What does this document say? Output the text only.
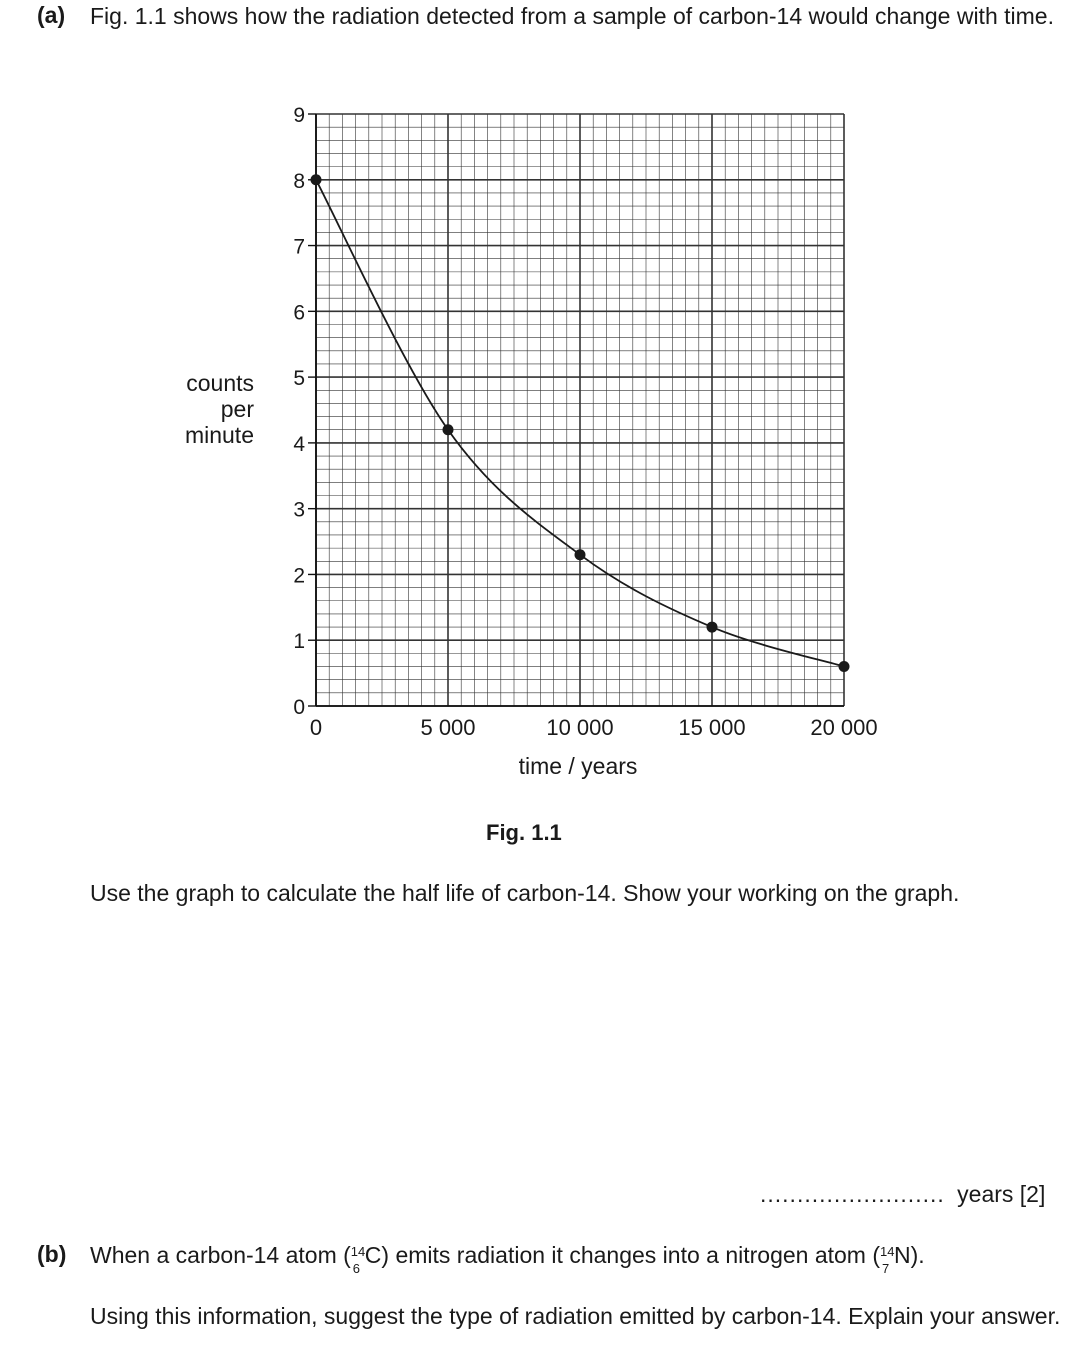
(a) Fig. 1.1 shows how the radiation detected from a sample of carbon-14 would change with time.
counts
per
minute
0
1
2
3
4
5
6
7
8
9
0	5 000	10 000	15 000	20 000
time / years
Fig. 1.1
Use the graph to calculate the half life of carbon-14. Show your working on the graph.
......................... years [2]
(b) When a carbon-14 atom ( 14
6
C) emits radiation it changes into a nitrogen atom ( 14
7
N).
Using this information, suggest the type of radiation emitted by carbon-14. Explain your answer.
